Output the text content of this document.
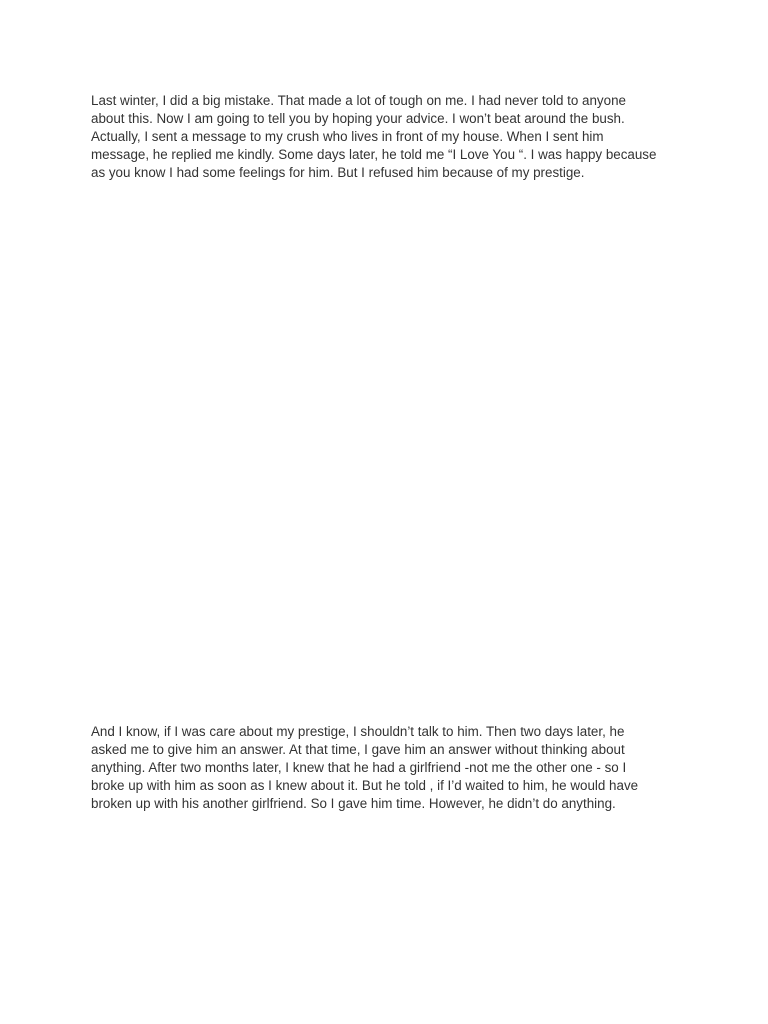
Last winter, I did a big mistake. That made a lot of tough on me. I had never told to anyone

about this. Now I am going to tell you by hoping your advice. I won’t beat around the bush.

Actually, I sent a message to my crush who lives in front of my house. When I sent him

message, he replied me kindly. Some days later, he told me “I Love You “. I was happy because

as you know I had some feelings for him. But I refused him because of my prestige.

And I know, if I was care about my prestige, I shouldn’t talk to him. Then two days later, he

asked me to give him an answer. At that time, I gave him an answer without thinking about

anything. After two months later, I knew that he had a girlfriend -not me the other one - so I

broke up with him as soon as I knew about it. But he told , if I’d waited to him, he would have

broken up with his another girlfriend. So I gave him time. However, he didn’t do anything.
